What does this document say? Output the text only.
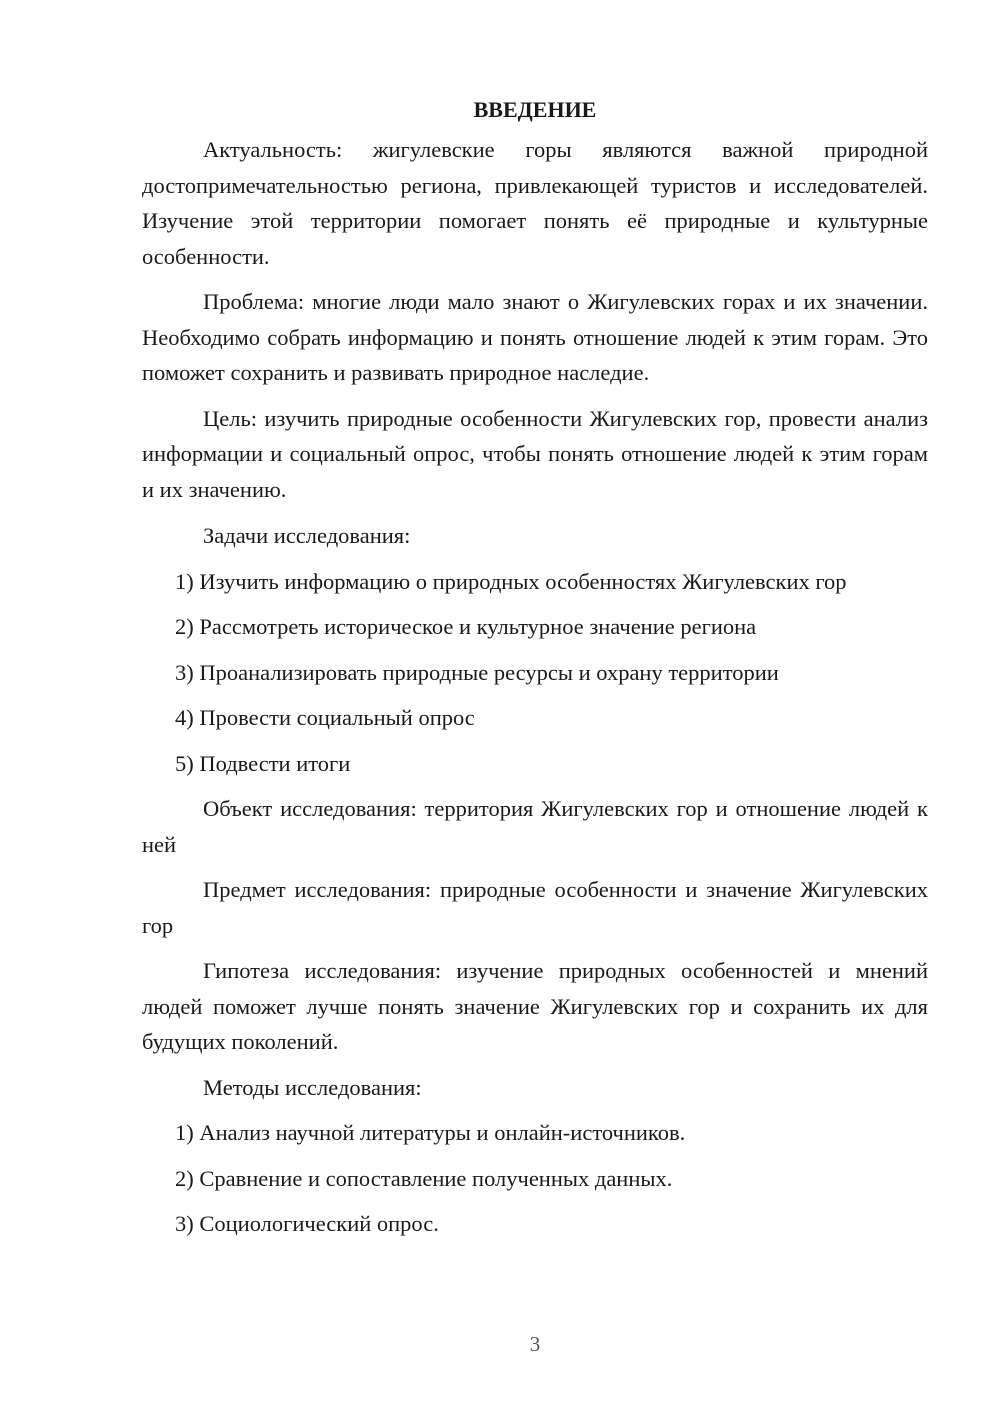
ВВЕДЕНИЕ

Актуальность: жигулевские горы являются важной природной достопримечательностью региона, привлекающей туристов и исследователей. Изучение этой территории помогает понять её природные и культурные особенности.

Проблема: многие люди мало знают о Жигулевских горах и их значении. Необходимо собрать информацию и понять отношение людей к этим горам. Это поможет сохранить и развивать природное наследие.

Цель: изучить природные особенности Жигулевских гор, провести анализ информации и социальный опрос, чтобы понять отношение людей к этим горам и их значению.

Задачи исследования:

1) Изучить информацию о природных особенностях Жигулевских гор

2) Рассмотреть историческое и культурное значение региона

3) Проанализировать природные ресурсы и охрану территории

4) Провести социальный опрос

5) Подвести итоги

Объект исследования: территория Жигулевских гор и отношение людей к ней

Предмет исследования: природные особенности и значение Жигулевских гор

Гипотеза исследования: изучение природных особенностей и мнений людей поможет лучше понять значение Жигулевских гор и сохранить их для будущих поколений.

Методы исследования:

1) Анализ научной литературы и онлайн-источников.

2) Сравнение и сопоставление полученных данных.

3) Социологический опрос.

3
